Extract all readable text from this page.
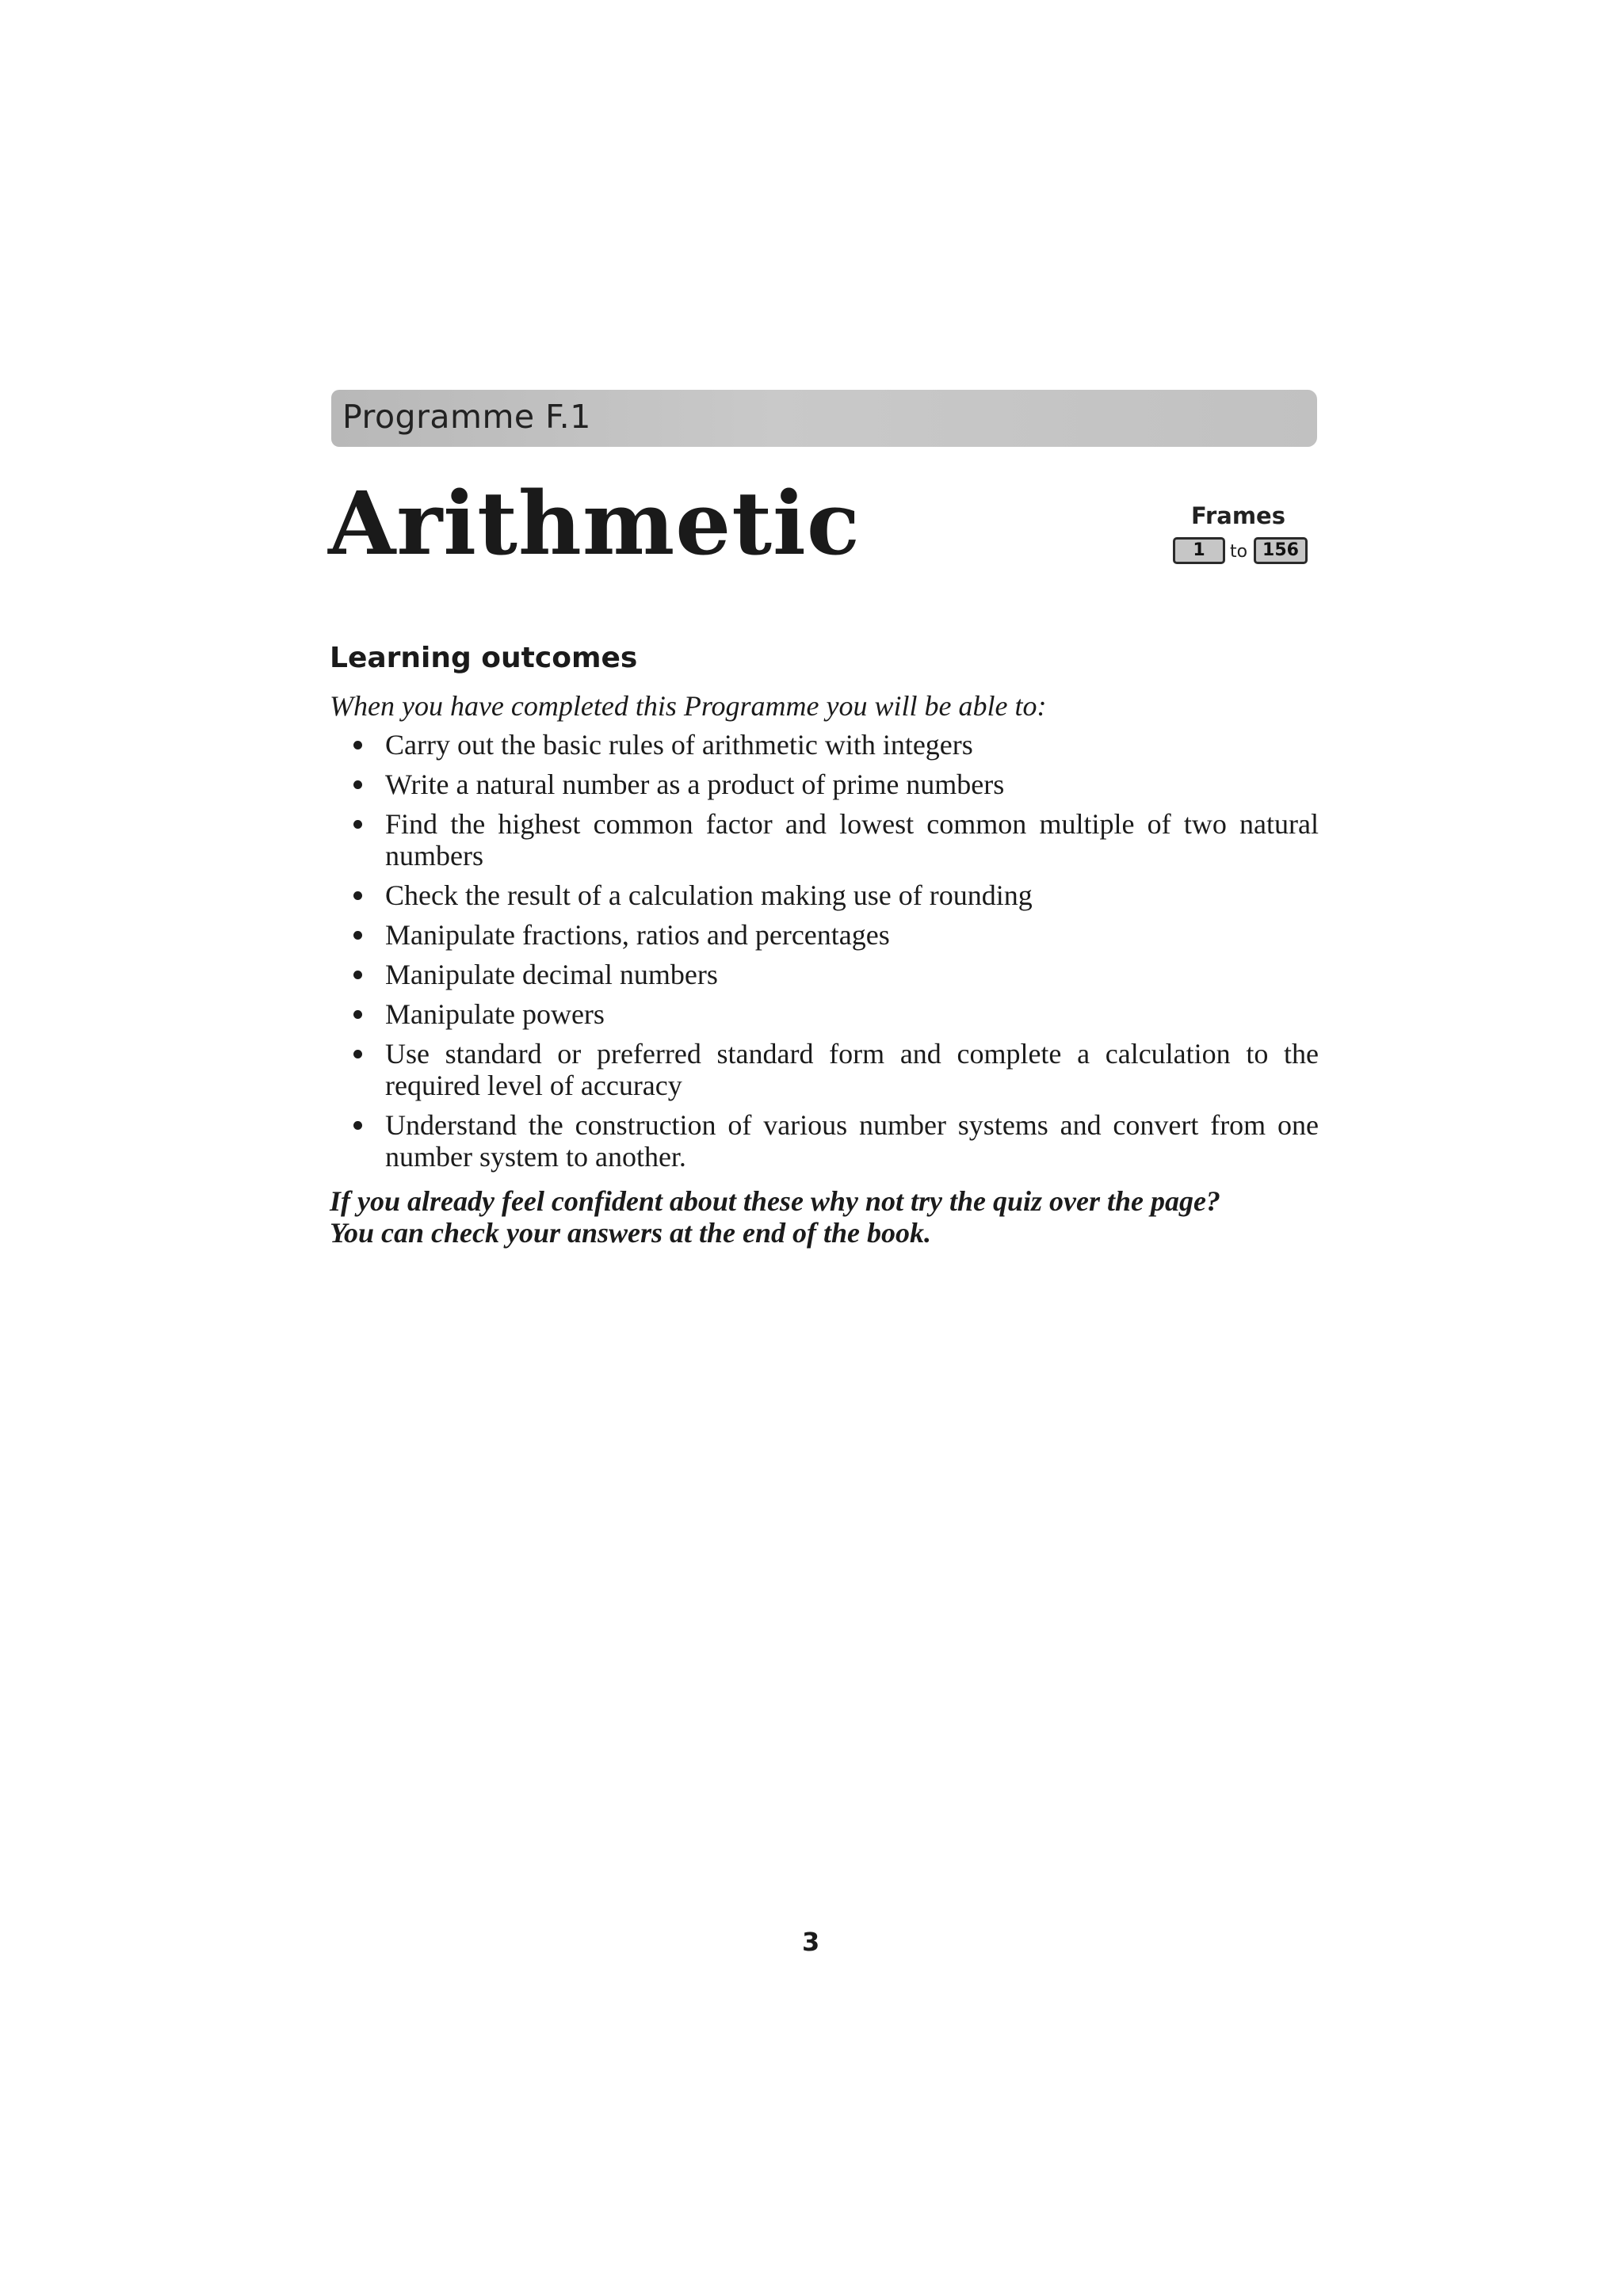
Programme F.1
Arithmetic	Frames
1	to 156
Learning outcomes
When you have completed this Programme you will be able to:
Carry out the basic rules of arithmetic with integers
Write a natural number as a product of prime numbers
Find the highest common factor and lowest common multiple of two natural numbers
Check the result of a calculation making use of rounding
Manipulate fractions, ratios and percentages
Manipulate decimal numbers
Manipulate powers
Use standard or preferred standard form and complete a calculation to the required level of accuracy
Understand the construction of various number systems and convert from one number system to another.
If you already feel confident about these why not try the quiz over the page?
You can check your answers at the end of the book.
3
